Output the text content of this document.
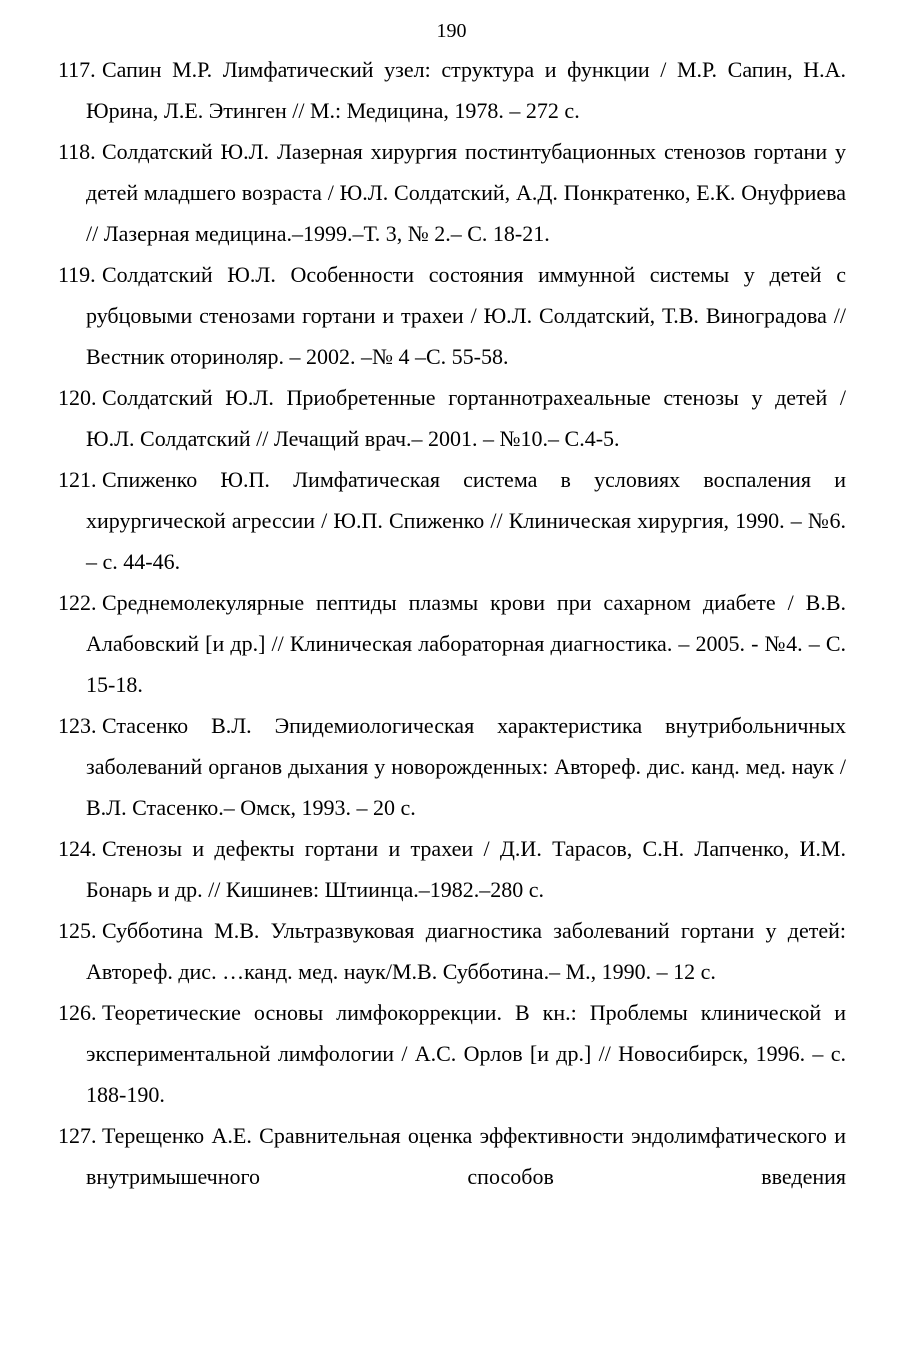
190
117. Сапин М.Р. Лимфатический узел: структура и функции / М.Р. Сапин, Н.А. Юрина, Л.Е. Этинген // М.: Медицина, 1978. – 272 с.
118. Солдатский Ю.Л. Лазерная хирургия постинтубационных стенозов гортани у детей младшего возраста / Ю.Л. Солдатский, А.Д. Понкратенко, Е.К. Онуфриева // Лазерная медицина.–1999.–Т. 3, № 2.– С. 18-21.
119. Солдатский Ю.Л. Особенности состояния иммунной системы у детей с рубцовыми стенозами гортани и трахеи / Ю.Л. Солдатский, Т.В. Виноградова // Вестник оториноляр. – 2002. –№ 4 –С. 55-58.
120. Солдатский Ю.Л. Приобретенные гортаннотрахеальные стенозы у детей / Ю.Л. Солдатский // Лечащий врач.– 2001. – №10.– С.4-5.
121. Спиженко Ю.П. Лимфатическая система в условиях воспаления и хирургической агрессии / Ю.П. Спиженко // Клиническая хирургия, 1990. – №6. – с. 44-46.
122. Среднемолекулярные пептиды плазмы крови при сахарном диабете / В.В. Алабовский [и др.] // Клиническая лабораторная диагностика. – 2005. - №4. – С. 15-18.
123. Стасенко В.Л. Эпидемиологическая характеристика внутрибольничных заболеваний органов дыхания у новорожденных: Автореф. дис. канд. мед. наук / В.Л. Стасенко.– Омск, 1993. – 20 с.
124. Стенозы и дефекты гортани и трахеи / Д.И. Тарасов, С.Н. Лапченко, И.М. Бонарь и др. // Кишинев: Штиинца.–1982.–280 с.
125. Субботина М.В. Ультразвуковая диагностика заболеваний гортани у детей: Автореф. дис. …канд. мед. наук/М.В. Субботина.– М., 1990. – 12 с.
126. Теоретические основы лимфокоррекции. В кн.: Проблемы клинической и экспериментальной лимфологии / А.С. Орлов [и др.] // Новосибирск, 1996. – с. 188-190.
127. Терещенко А.Е. Сравнительная оценка эффективности эндолимфатического и внутримышечного способов введения
